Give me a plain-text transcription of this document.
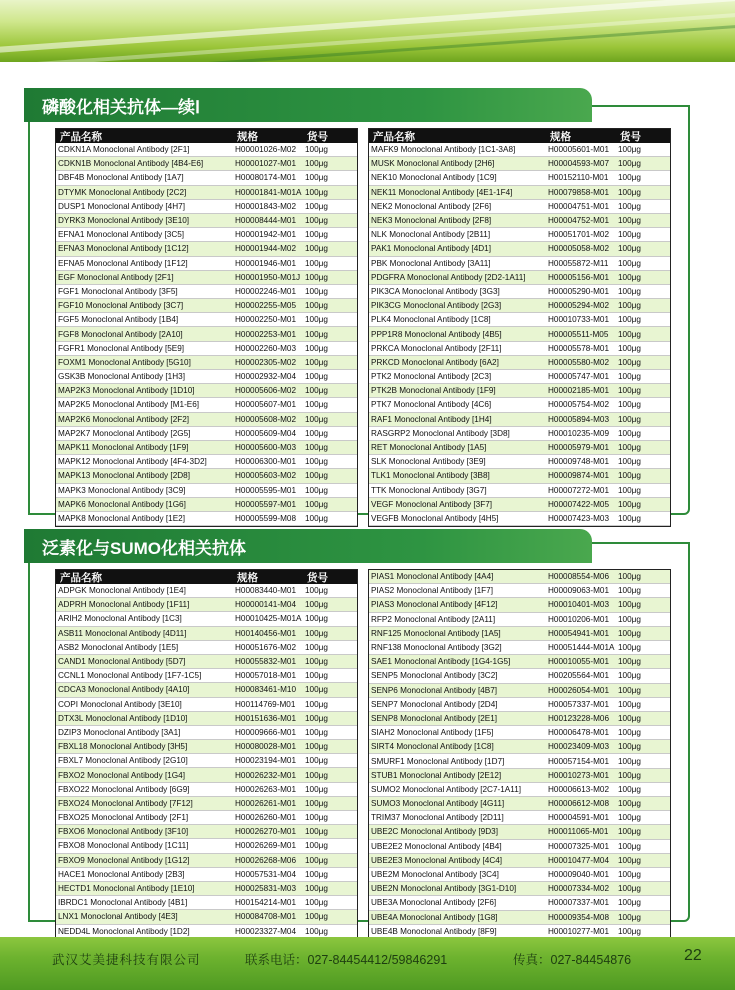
磷酸化相关抗体—续Ⅰ
产品名称	规格	货号
CDKN1A Monoclonal Antibody [2F1]	H00001026-M02	100μg
CDKN1B Monoclonal Antibody [4B4-E6]	H00001027-M01	100μg
DBF4B Monoclonal Antibody [1A7]	H00080174-M01	100μg
DTYMK Monoclonal Antibody [2C2]	H00001841-M01A 100μg
DUSP1 Monoclonal Antibody [4H7]	H00001843-M02	100μg
DYRK3 Monoclonal Antibody [3E10]	H00008444-M01	100μg
EFNA1 Monoclonal Antibody [3C5]	H00001942-M01	100μg
EFNA3 Monoclonal Antibody [1C12]	H00001944-M02	100μg
EFNA5 Monoclonal Antibody [1F12]	H00001946-M01	100μg
EGF Monoclonal Antibody [2F1]	H00001950-M01J 100μg
FGF1 Monoclonal Antibody [3F5]	H00002246-M01	100μg
FGF10 Monoclonal Antibody [3C7]	H00002255-M05	100μg
FGF5 Monoclonal Antibody [1B4]	H00002250-M01	100μg
FGF8 Monoclonal Antibody [2A10]	H00002253-M01	100μg
FGFR1 Monoclonal Antibody [5E9]	H00002260-M03	100μg
FOXM1 Monoclonal Antibody [5G10]	H00002305-M02	100μg
GSK3B Monoclonal Antibody [1H3]	H00002932-M04	100μg
MAP2K3 Monoclonal Antibody [1D10]	H00005606-M02	100μg
MAP2K5 Monoclonal Antibody [M1-E6]	H00005607-M01	100μg
MAP2K6 Monoclonal Antibody [2F2]	H00005608-M02	100μg
MAP2K7 Monoclonal Antibody [2G5]	H00005609-M04	100μg
MAPK11 Monoclonal Antibody [1F9]	H00005600-M03	100μg
MAPK12 Monoclonal Antibody [4F4-3D2]	H00006300-M01	100μg
MAPK13 Monoclonal Antibody [2D8]	H00005603-M02	100μg
MAPK3 Monoclonal Antibody [3C9]	H00005595-M01	100μg
MAPK6 Monoclonal Antibody [1G6]	H00005597-M01	100μg
MAPK8 Monoclonal Antibody [1E2]	H00005599-M08	100μg
产品名称	规格	货号
MAFK9 Monoclonal Antibody [1C1-3A8]	H00005601-M01	100μg
MUSK Monoclonal Antibody [2H6]	H00004593-M07	100μg
NEK10 Monoclonal Antibody [1C9]	H00152110-M01	100μg
NEK11 Monoclonal Antibody [4E1-1F4]	H00079858-M01	100μg
NEK2 Monoclonal Antibody [2F6]	H00004751-M01	100μg
NEK3 Monoclonal Antibody [2F8]	H00004752-M01	100μg
NLK Monoclonal Antibody [2B11]	H00051701-M02	100μg
PAK1 Monoclonal Antibody [4D1]	H00005058-M02	100μg
PBK Monoclonal Antibody [3A11]	H00055872-M11	100μg
PDGFRA Monoclonal Antibody [2D2-1A11]	H00005156-M01	100μg
PIK3CA Monoclonal Antibody [3G3]	H00005290-M01	100μg
PIK3CG Monoclonal Antibody [2G3]	H00005294-M02	100μg
PLK4 Monoclonal Antibody [1C8]	H00010733-M01	100μg
PPP1R8 Monoclonal Antibody [4B5]	H00005511-M05	100μg
PRKCA Monoclonal Antibody [2F11]	H00005578-M01	100μg
PRKCD Monoclonal Antibody [6A2]	H00005580-M02	100μg
PTK2 Monoclonal Antibody [2C3]	H00005747-M01	100μg
PTK2B Monoclonal Antibody [1F9]	H00002185-M01	100μg
PTK7 Monoclonal Antibody [4C6]	H00005754-M02	100μg
RAF1 Monoclonal Antibody [1H4]	H00005894-M03	100μg
RASGRP2 Monoclonal Antibody [3D8]	H00010235-M09	100μg
RET Monoclonal Antibody [1A5]	H00005979-M01	100μg
SLK Monoclonal Antibody [3E9]	H00009748-M01	100μg
TLK1 Monoclonal Antibody [3B8]	H00009874-M01	100μg
TTK Monoclonal Antibody [3G7]	H00007272-M01	100μg
VEGF Monoclonal Antibody [3F7]	H00007422-M05	100μg
VEGFB Monoclonal Antibody [4H5]	H00007423-M03	100μg
泛素化与SUMO化相关抗体
产品名称	规格	货号
ADPGK Monoclonal Antibody [1E4]	H00083440-M01	100μg
ADPRH Monoclonal Antibody [1F11]	H00000141-M04	100μg
ARIH2 Monoclonal Antibody [1C3]	H00010425-M01A 100μg
ASB11 Monoclonal Antibody [4D11]	H00140456-M01	100μg
ASB2 Monoclonal Antibody [1E5]	H00051676-M02	100μg
CAND1 Monoclonal Antibody [5D7]	H00055832-M01	100μg
CCNL1 Monoclonal Antibody [1F7-1C5]	H00057018-M01	100μg
CDCA3 Monoclonal Antibody [4A10]	H00083461-M10	100μg
COPI Monoclonal Antibody [3E10]	H00114769-M01	100μg
DTX3L Monoclonal Antibody [1D10]	H00151636-M01	100μg
DZIP3 Monoclonal Antibody [3A1]	H00009666-M01	100μg
FBXL18 Monoclonal Antibody [3H5]	H00080028-M01	100μg
FBXL7 Monoclonal Antibody [2G10]	H00023194-M01	100μg
FBXO2 Monoclonal Antibody [1G4]	H00026232-M01	100μg
FBXO22 Monoclonal Antibody [6G9]	H00026263-M01	100μg
FBXO24 Monoclonal Antibody [7F12]	H00026261-M01	100μg
FBXO25 Monoclonal Antibody [2F1]	H00026260-M01	100μg
FBXO6 Monoclonal Antibody [3F10]	H00026270-M01	100μg
FBXO8 Monoclonal Antibody [1C11]	H00026269-M01	100μg
FBXO9 Monoclonal Antibody [1G12]	H00026268-M06	100μg
HACE1 Monoclonal Antibody [2B3]	H00057531-M04	100μg
HECTD1 Monoclonal Antibody [1E10]	H00025831-M03	100μg
IBRDC1 Monoclonal Antibody [4B1]	H00154214-M01	100μg
LNX1 Monoclonal Antibody [4E3]	H00084708-M01	100μg
NEDD4L Monoclonal Antibody [1D2]	H00023327-M04	100μg
PIAS1 Monoclonal Antibody [4A4]	H00008554-M06	100μg
PIAS2 Monoclonal Antibody [1F7]	H00009063-M01	100μg
PIAS3 Monoclonal Antibody [4F12]	H00010401-M03	100μg
RFP2 Monoclonal Antibody [2A11]	H00010206-M01	100μg
RNF125 Monoclonal Antibody [1A5]	H00054941-M01	100μg
RNF138 Monoclonal Antibody [3G2]	H00051444-M01A 100μg
SAE1 Monoclonal Antibody [1G4-1G5]	H00010055-M01	100μg
SENP5 Monoclonal Antibody [3C2]	H00205564-M01	100μg
SENP6 Monoclonal Antibody [4B7]	H00026054-M01	100μg
SENP7 Monoclonal Antibody [2D4]	H00057337-M01	100μg
SENP8 Monoclonal Antibody [2E1]	H00123228-M06	100μg
SIAH2 Monoclonal Antibody [1F5]	H00006478-M01	100μg
SIRT4 Monoclonal Antibody [1C8]	H00023409-M03	100μg
SMURF1 Monoclonal Antibody [1D7]	H00057154-M01	100μg
STUB1 Monoclonal Antibody [2E12]	H00010273-M01	100μg
SUMO2 Monoclonal Antibody [2C7-1A11]	H00006613-M02	100μg
SUMO3 Monoclonal Antibody [4G11]	H00006612-M08	100μg
TRIM37 Monoclonal Antibody [2D11]	H00004591-M01	100μg
UBE2C Monoclonal Antibody [9D3]	H00011065-M01	100μg
UBE2E2 Monoclonal Antibody [4B4]	H00007325-M01	100μg
UBE2E3 Monoclonal Antibody [4C4]	H00010477-M04	100μg
UBE2M Monoclonal Antibody [3C4]	H00009040-M01	100μg
UBE2N Monoclonal Antibody [3G1-D10]	H00007334-M02	100μg
UBE3A Monoclonal Antibody [2F6]	H00007337-M01	100μg
UBE4A Monoclonal Antibody [1G8]	H00009354-M08	100μg
UBE4B Monoclonal Antibody [8F9]	H00010277-M01	100μg
武汉艾美捷科技有限公司	联系电话：027-84454412/59846291	传真：027-84454876	22
